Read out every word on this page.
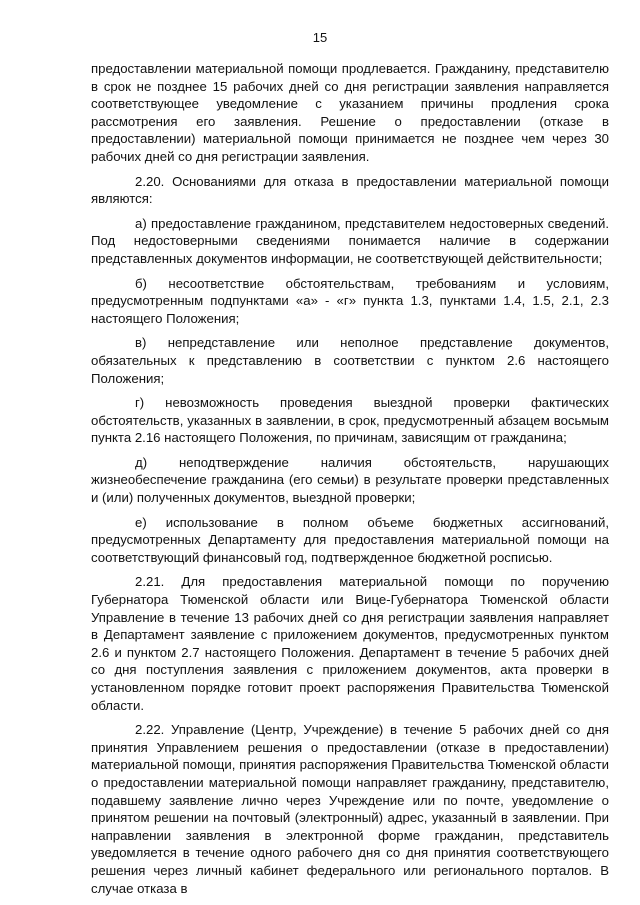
15

предоставлении материальной помощи продлевается. Гражданину, представителю в срок не позднее 15 рабочих дней со дня регистрации заявления направляется соответствующее уведомление с указанием причины продления срока рассмотрения его заявления. Решение о предоставлении (отказе в предоставлении) материальной помощи принимается не позднее чем через 30 рабочих дней со дня регистрации заявления.

2.20. Основаниями для отказа в предоставлении материальной помощи являются:

а) предоставление гражданином, представителем недостоверных сведений. Под недостоверными сведениями понимается наличие в содержании представленных документов информации, не соответствующей действительности;

б) несоответствие обстоятельствам, требованиям и условиям, предусмотренным подпунктами «а» - «г» пункта 1.3, пунктами 1.4, 1.5, 2.1, 2.3 настоящего Положения;

в) непредставление или неполное представление документов, обязательных к представлению в соответствии с пунктом 2.6 настоящего Положения;

г) невозможность проведения выездной проверки фактических обстоятельств, указанных в заявлении, в срок, предусмотренный абзацем восьмым пункта 2.16 настоящего Положения, по причинам, зависящим от гражданина;

д) неподтверждение наличия обстоятельств, нарушающих жизнеобеспечение гражданина (его семьи) в результате проверки представленных и (или) полученных документов, выездной проверки;

е) использование в полном объеме бюджетных ассигнований, предусмотренных Департаменту для предоставления материальной помощи на соответствующий финансовый год, подтвержденное бюджетной росписью.

2.21. Для предоставления материальной помощи по поручению Губернатора Тюменской области или Вице-Губернатора Тюменской области Управление в течение 13 рабочих дней со дня регистрации заявления направляет в Департамент заявление с приложением документов, предусмотренных пунктом 2.6 и пунктом 2.7 настоящего Положения. Департамент в течение 5 рабочих дней со дня поступления заявления с приложением документов, акта проверки в установленном порядке готовит проект распоряжения Правительства Тюменской области.

2.22. Управление (Центр, Учреждение) в течение 5 рабочих дней со дня принятия Управлением решения о предоставлении (отказе в предоставлении) материальной помощи, принятия распоряжения Правительства Тюменской области о предоставлении материальной помощи направляет гражданину, представителю, подавшему заявление лично через Учреждение или по почте, уведомление о принятом решении на почтовый (электронный) адрес, указанный в заявлении. При направлении заявления в электронной форме гражданин, представитель уведомляется в течение одного рабочего дня со дня принятия соответствующего решения через личный кабинет федерального или регионального порталов. В случае отказа в
